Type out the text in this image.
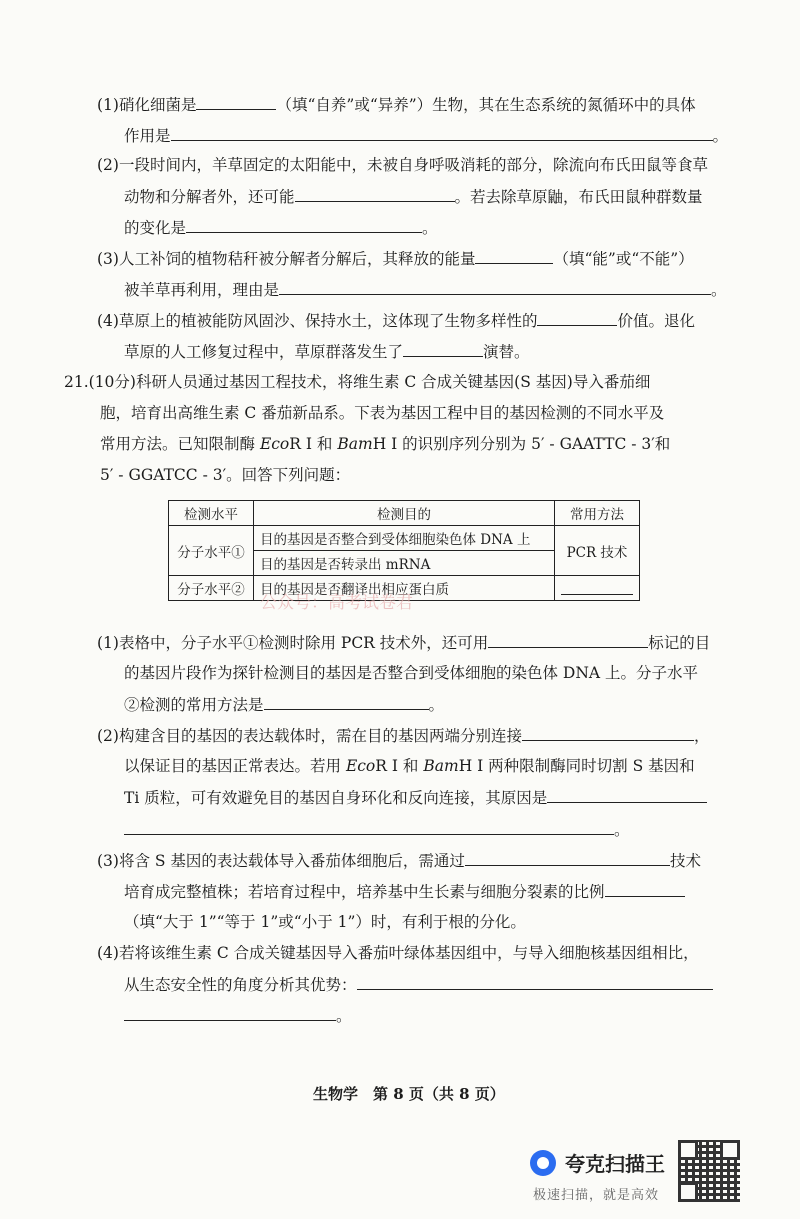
(1)硝化细菌是	（填“自养”或“异养”）生物，其在生态系统的氮循环中的具体
作用是	。
(2)一段时间内，羊草固定的太阳能中，未被自身呼吸消耗的部分，除流向布氏田鼠等食草
动物和分解者外，还可能	。若去除草原鼬，布氏田鼠种群数量
的变化是	。
(3)人工补饲的植物秸秆被分解者分解后，其释放的能量	（填“能”或“不能”）
被羊草再利用，理由是	。
(4)草原上的植被能防风固沙、保持水土，这体现了生物多样性的	价值。退化
草原的人工修复过程中，草原群落发生了	演替。
21.(10分)科研人员通过基因工程技术，将维生素 C 合成关键基因(S 基因)导入番茄细
胞，培育出高维生素 C 番茄新品系。下表为基因工程中目的基因检测的不同水平及
常用方法。已知限制酶 EcoR Ⅰ 和 BamH Ⅰ 的识别序列分别为 5′ - GAATTC - 3′和
5′ - GGATCC - 3′。回答下列问题：
检测水平	检测目的	常用方法
分子水平①	目的基因是否整合到受体细胞染色体 DNA 上	PCR 技术
	目的基因是否转录出 mRNA	
分子水平②	目的基因是否翻译出相应蛋白质	
公众号：高考试卷君
(1)表格中，分子水平①检测时除用 PCR 技术外，还可用	标记的目
的基因片段作为探针检测目的基因是否整合到受体细胞的染色体 DNA 上。分子水平
②检测的常用方法是	。
(2)构建含目的基因的表达载体时，需在目的基因两端分别连接	，
以保证目的基因正常表达。若用 EcoR Ⅰ 和 BamH Ⅰ 两种限制酶同时切割 S 基因和
Ti 质粒，可有效避免目的基因自身环化和反向连接，其原因是
。
(3)将含 S 基因的表达载体导入番茄体细胞后，需通过	技术
培育成完整植株；若培育过程中，培养基中生长素与细胞分裂素的比例
（填“大于 1”“等于 1”或“小于 1”）时，有利于根的分化。
(4)若将该维生素 C 合成关键基因导入番茄叶绿体基因组中，与导入细胞核基因组相比，
从生态安全性的角度分析其优势：
。
生物学　第 8 页（共 8 页）
夸克扫描王
极速扫描，就是高效
